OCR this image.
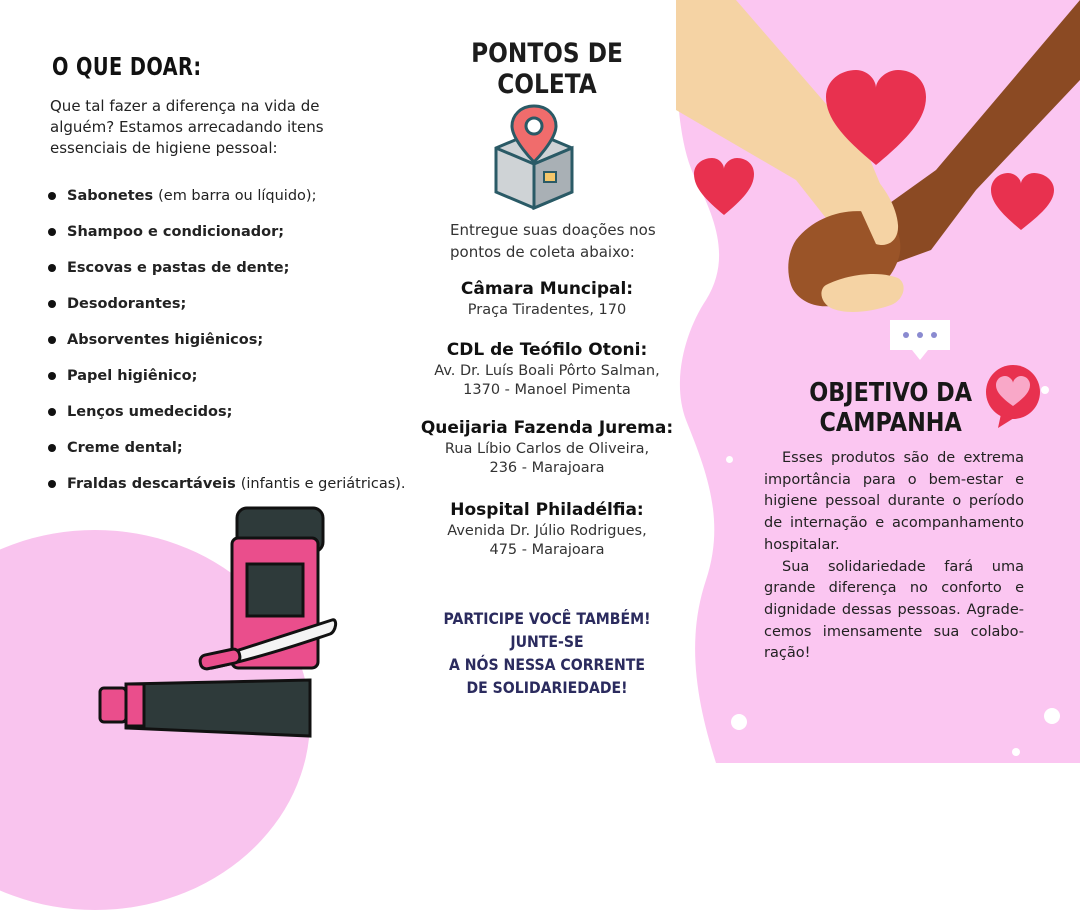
O QUE DOAR:
Que tal fazer a diferença na vida de alguém? Estamos arrecadando itens essenciais de higiene pessoal:
Sabonetes (em barra ou líquido);
Shampoo e condicionador;
Escovas e pastas de dente;
Desodorantes;
Absorventes higiênicos;
Papel higiênico;
Lenços umedecidos;
Creme dental;
Fraldas descartáveis (infantis e geriátricas).
PONTOS DE
COLETA
Entregue suas doações nos pontos de coleta abaixo:
Câmara Muncipal:
Praça Tiradentes, 170
CDL de Teófilo Otoni:
Av. Dr. Luís Boali Pôrto Salman,
1370 - Manoel Pimenta
Queijaria Fazenda Jurema:
Rua Líbio Carlos de Oliveira,
236 - Marajoara
Hospital Philadélfia:
Avenida Dr. Júlio Rodrigues,
475 - Marajoara
PARTICIPE VOCÊ TAMBÉM!
JUNTE-SE
A NÓS NESSA CORRENTE
DE SOLIDARIEDADE!
OBJETIVO DA
CAMPANHA

Esses produtos são de extrema importância para o bem-estar e higiene pessoal durante o período de internação e acompanhamento hospitalar.

Sua solidariedade fará uma grande diferença no conforto e dignidade dessas pessoas. Agrade- cemos imensamente sua colabo- ração!
